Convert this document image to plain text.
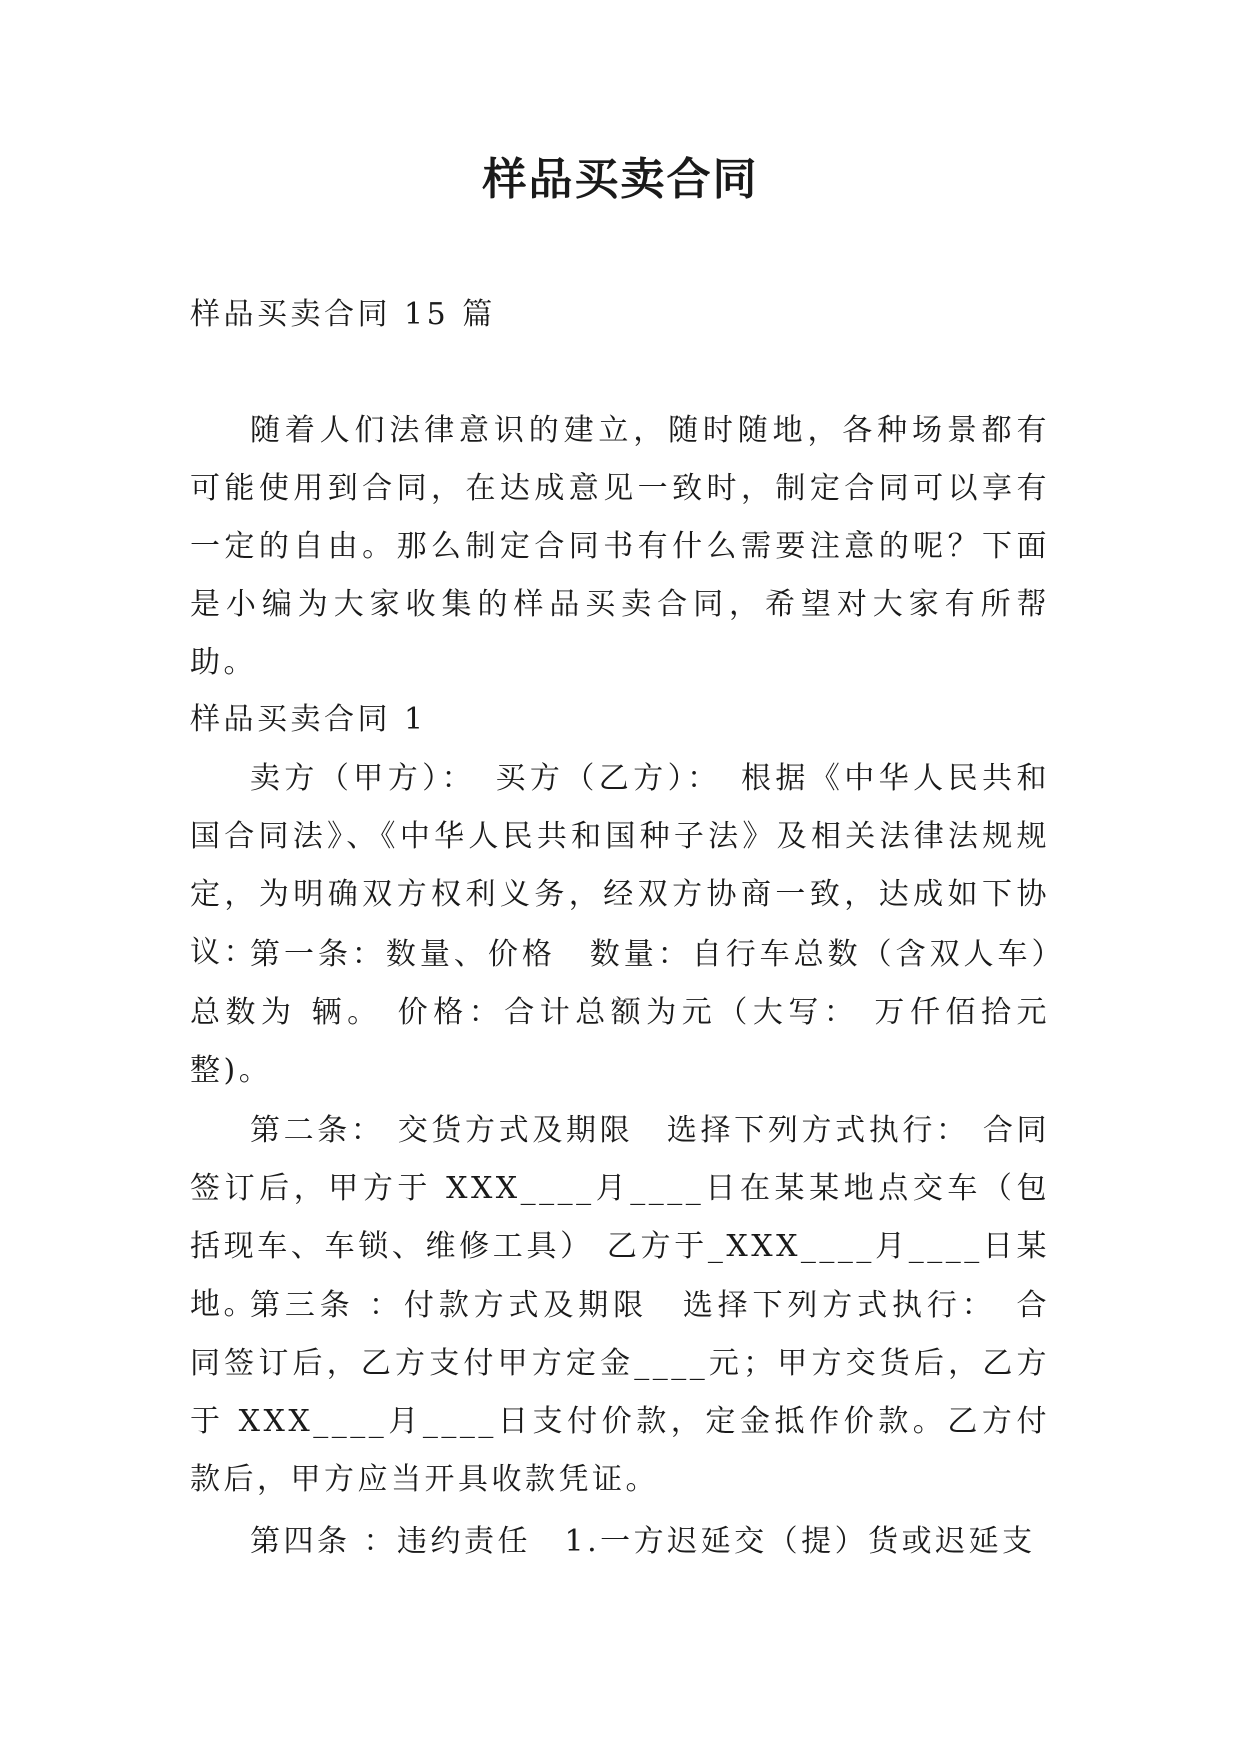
样品买卖合同
样品买卖合同 15 篇
随着人们法律意识的建立，随时随地，各种场景都有可能使用到合同，在达成意见一致时，制定合同可以享有一定的自由。那么制定合同书有什么需要注意的呢？下面是小编为大家收集的样品买卖合同，希望对大家有所帮助。
样品买卖合同 1
卖方（甲方）：　买方（乙方）：　根据《中华人民共和国合同法》、《中华人民共和国种子法》及相关法律法规规定，为明确双方权利义务，经双方协商一致，达成如下协议：
第一条：数量、价格　数量：自行车总数（含双人车）总数为 辆。 价格：合计总额为元（大写： 万仟佰拾元整)。
第二条： 交货方式及期限　选择下列方式执行： 合同签订后，甲方于 XXX____月____日在某某地点交车（包括现车、车锁、维修工具） 乙方于_XXX____月____日某地。
第三条 ：付款方式及期限　选择下列方式执行：　合同签订后，乙方支付甲方定金____元；甲方交货后，乙方于 XXX____月____日支付价款，定金抵作价款。乙方付款后，甲方应当开具收款凭证。
第四条 ：违约责任　1.一方迟延交（提）货或迟延支
